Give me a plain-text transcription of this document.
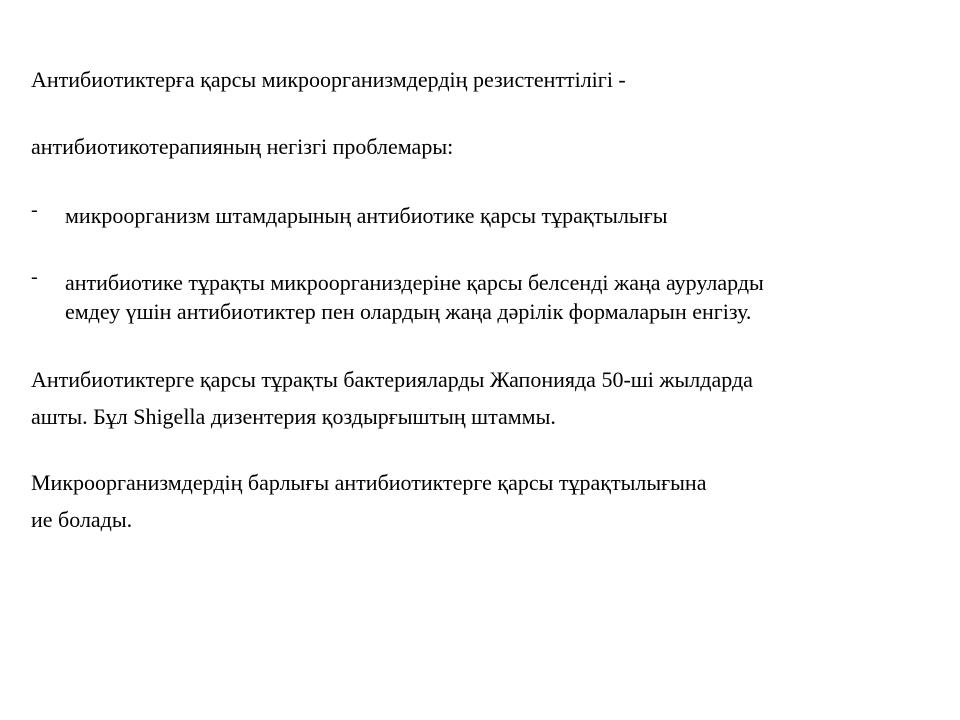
Антибиотиктерға қарсы микроорганизмдердің резистенттілігі -
антибиотикотерапияның негізгі проблемары:
- микроорганизм штамдарының антибиотике қарсы тұрақтылығы
- антибиотике тұрақты микроорганиздеріне қарсы белсенді жаңа ауруларды
емдеу үшін антибиотиктер пен олардың жаңа дәрілік формаларын енгізу.
Антибиотиктерге қарсы тұрақты бактерияларды Жапонияда 50-ші жылдарда
ашты. Бұл Shigella дизентерия қоздырғыштың штаммы.
Микроорганизмдердің барлығы антибиотиктерге қарсы тұрақтылығына
ие болады.
